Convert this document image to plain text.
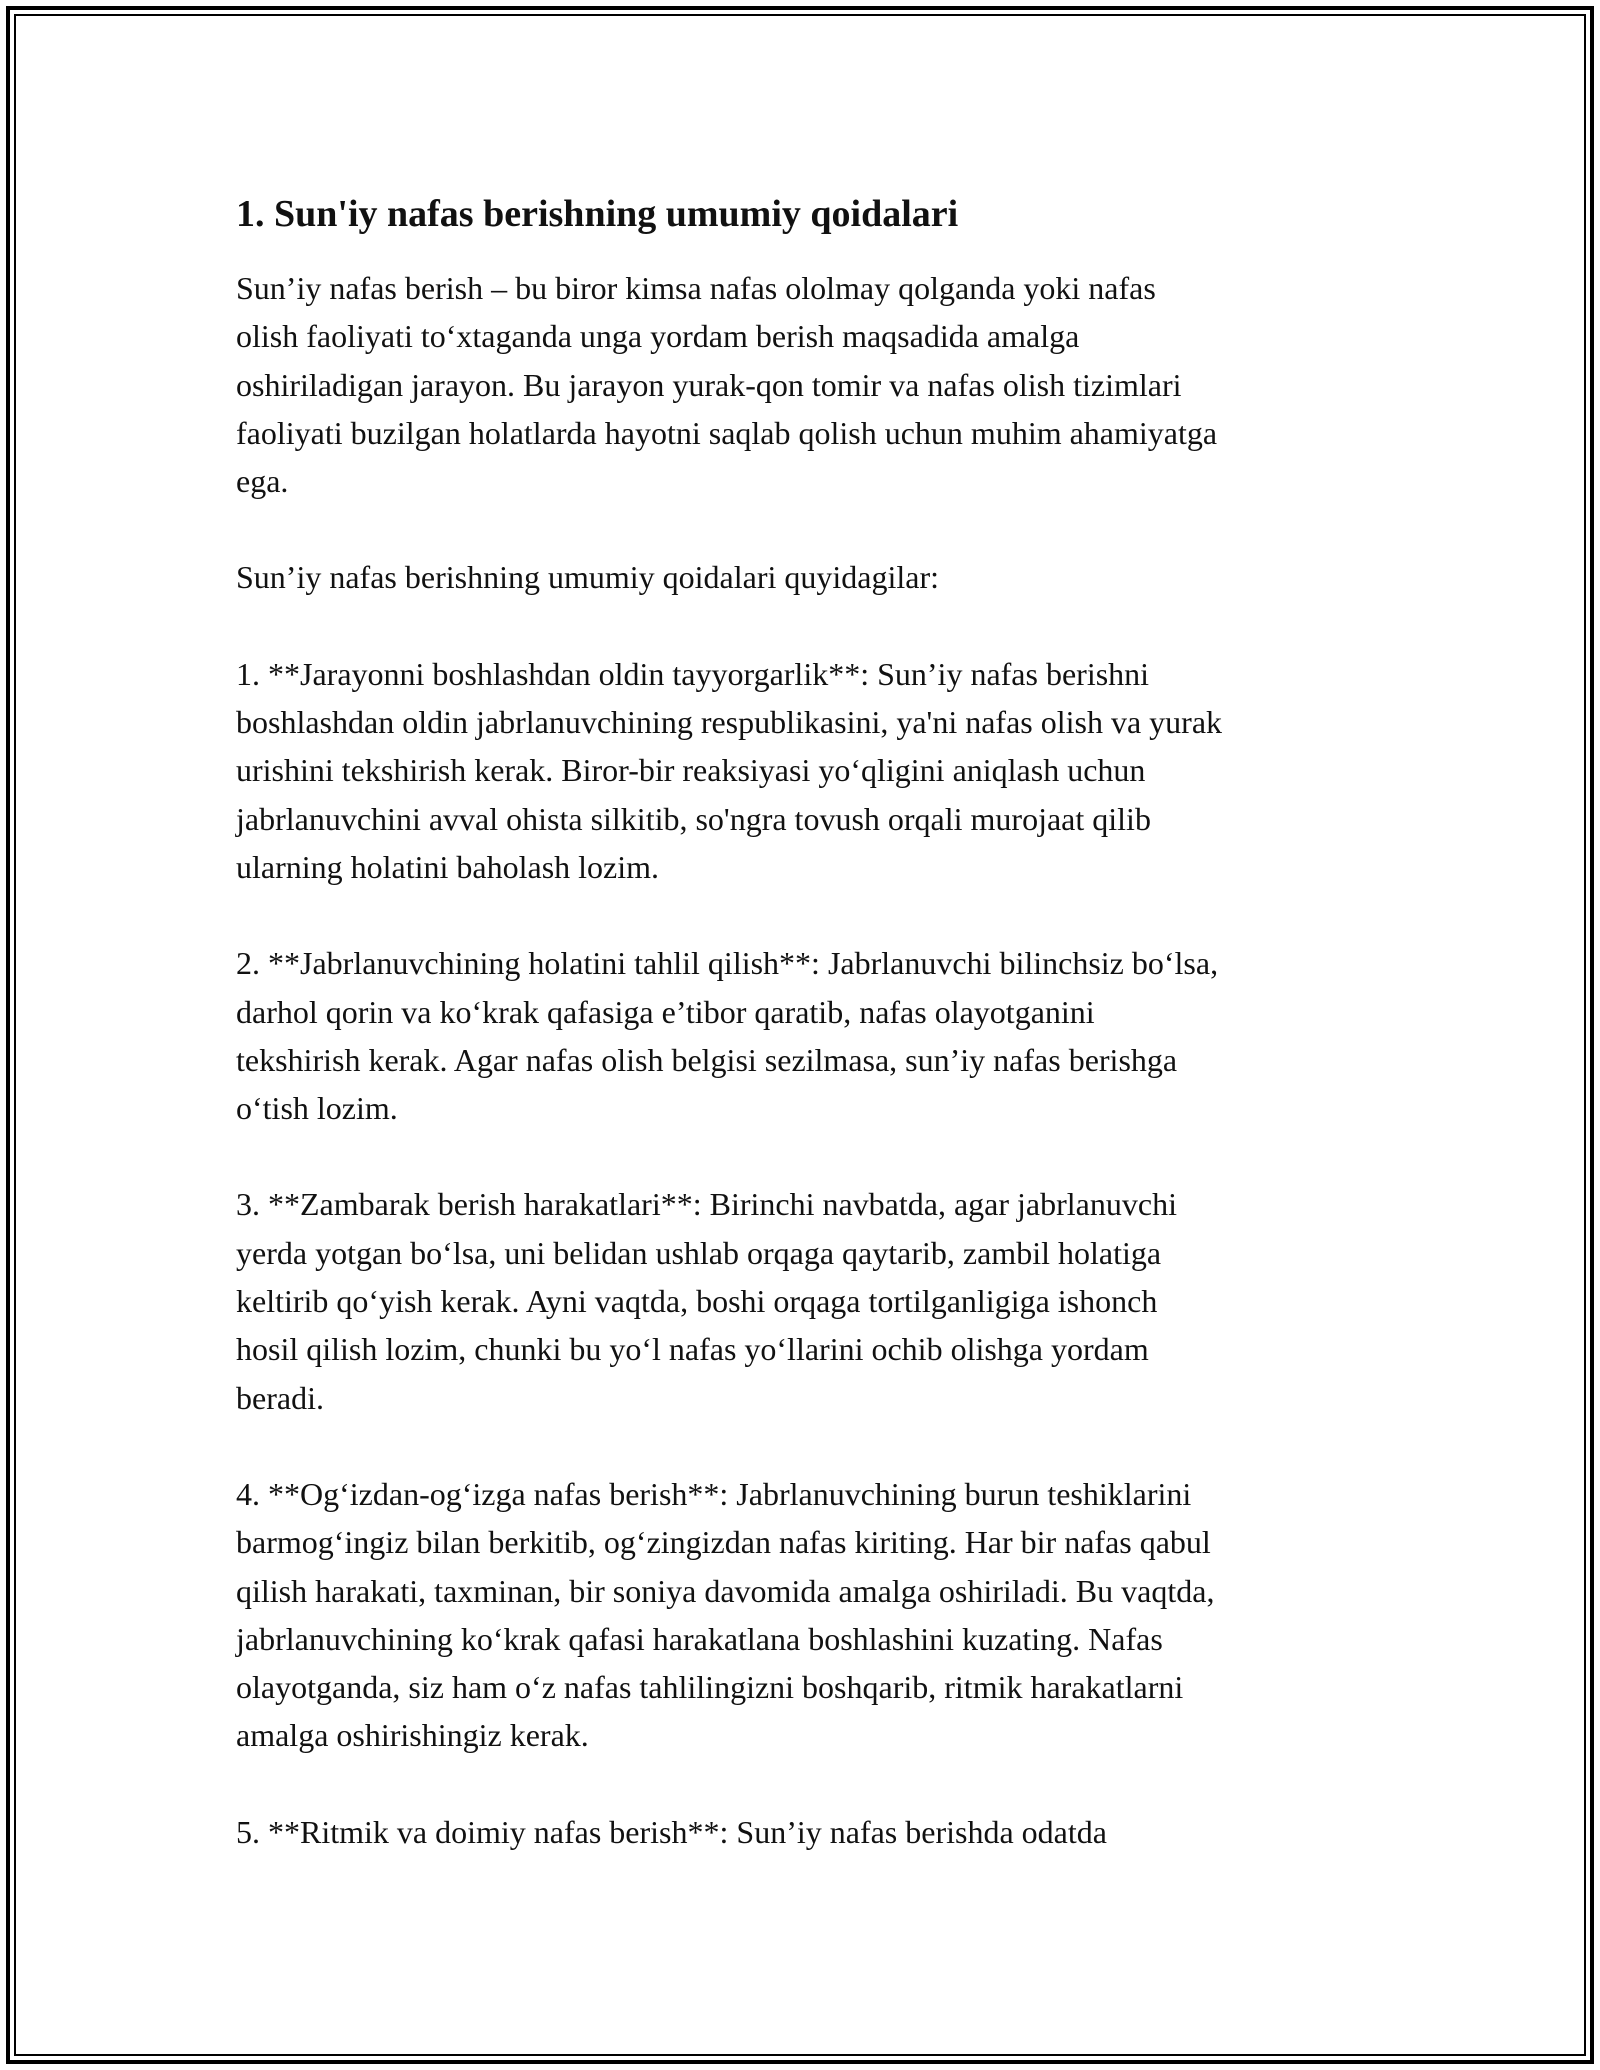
1. Sun'iy nafas berishning umumiy qoidalari

Sun’iy nafas berish – bu biror kimsa nafas ololmay qolganda yoki nafas
olish faoliyati to‘xtaganda unga yordam berish maqsadida amalga
oshiriladigan jarayon. Bu jarayon yurak-qon tomir va nafas olish tizimlari
faoliyati buzilgan holatlarda hayotni saqlab qolish uchun muhim ahamiyatga
ega.

Sun’iy nafas berishning umumiy qoidalari quyidagilar:

1. **Jarayonni boshlashdan oldin tayyorgarlik**: Sun’iy nafas berishni
boshlashdan oldin jabrlanuvchining respublikasini, ya'ni nafas olish va yurak
urishini tekshirish kerak. Biror-bir reaksiyasi yo‘qligini aniqlash uchun
jabrlanuvchini avval ohista silkitib, so'ngra tovush orqali murojaat qilib
ularning holatini baholash lozim.

2. **Jabrlanuvchining holatini tahlil qilish**: Jabrlanuvchi bilinchsiz bo‘lsa,
darhol qorin va ko‘krak qafasiga e’tibor qaratib, nafas olayotganini
tekshirish kerak. Agar nafas olish belgisi sezilmasa, sun’iy nafas berishga
o‘tish lozim.

3. **Zambarak berish harakatlari**: Birinchi navbatda, agar jabrlanuvchi
yerda yotgan bo‘lsa, uni belidan ushlab orqaga qaytarib, zambil holatiga
keltirib qo‘yish kerak. Ayni vaqtda, boshi orqaga tortilganligiga ishonch
hosil qilish lozim, chunki bu yo‘l nafas yo‘llarini ochib olishga yordam
beradi.

4. **Og‘izdan-og‘izga nafas berish**: Jabrlanuvchining burun teshiklarini
barmog‘ingiz bilan berkitib, og‘zingizdan nafas kiriting. Har bir nafas qabul
qilish harakati, taxminan, bir soniya davomida amalga oshiriladi. Bu vaqtda,
jabrlanuvchining ko‘krak qafasi harakatlana boshlashini kuzating. Nafas
olayotganda, siz ham o‘z nafas tahlilingizni boshqarib, ritmik harakatlarni
amalga oshirishingiz kerak.

5. **Ritmik va doimiy nafas berish**: Sun’iy nafas berishda odatda
